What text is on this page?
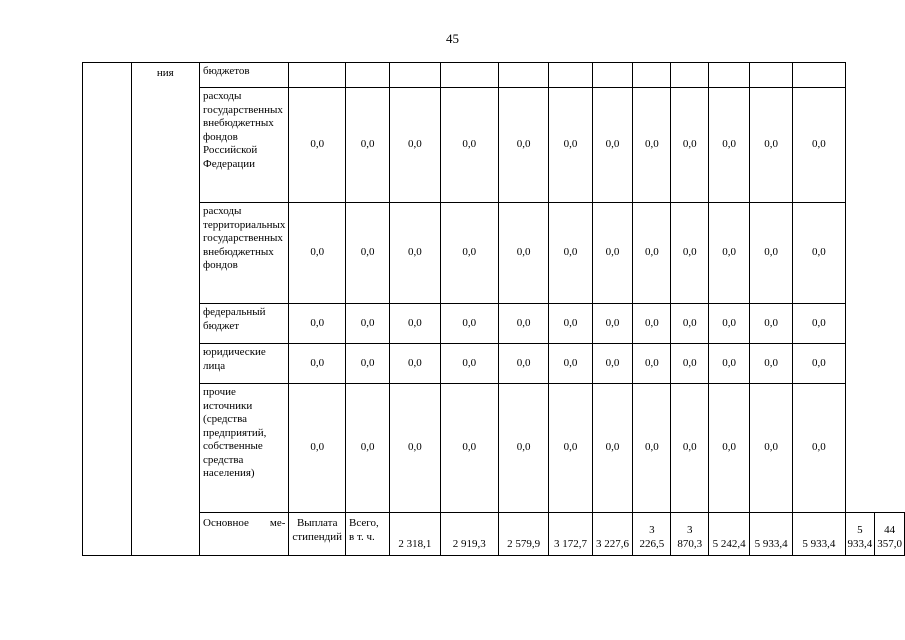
45
	ния	бюджетов														
		расходы государственных внебюджетных фондов Российской Федерации	0,0	0,0	0,0	0,0	0,0	0,0	0,0	0,0	0,0	0,0	0,0	0,0		
		расходы территориальных государственных внебюджетных фондов	0,0	0,0	0,0	0,0	0,0	0,0	0,0	0,0	0,0	0,0	0,0	0,0		
		федеральный бюджет	0,0	0,0	0,0	0,0	0,0	0,0	0,0	0,0	0,0	0,0	0,0	0,0		
		юридические лица	0,0	0,0	0,0	0,0	0,0	0,0	0,0	0,0	0,0	0,0	0,0	0,0		
		прочие источники (средства предприятий, собственные средства населения)	0,0	0,0	0,0	0,0	0,0	0,0	0,0	0,0	0,0	0,0	0,0	0,0		
		Основное ме-	Выплата стипендий	Всего, в т. ч.	2 318,1	2 919,3	2 579,9	3 172,7	3 227,6	3 226,5	3 870,3	5 242,4	5 933,4	5 933,4	5 933,4	44 357,0
